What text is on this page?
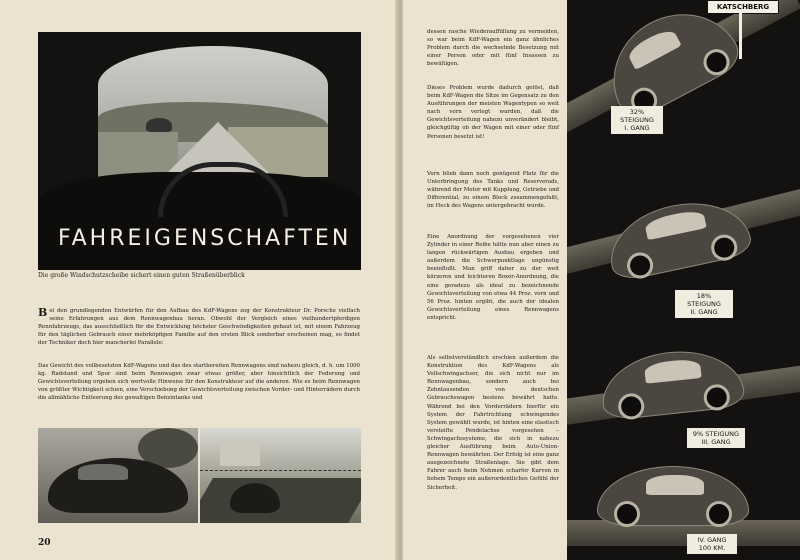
FAHREIGENSCHAFTEN
Die große Windschutzscheibe sichert einen guten Straßenüberblick

Bei den grundlegenden Entwürfen für den Aufbau des KdF-Wagens zog der Konstrukteur Dr. Porsche vielfach seine Erfahrungen aus dem Rennwagenbau heran. Obwohl der Vergleich eines vielhundertpferdigen Rennfahrzeugs, das ausschließlich für die Entwicklung höchster Geschwindigkeiten gebaut ist, mit einem Fahrzeug für den täglichen Gebrauch einer mehrköpfigen Familie auf den ersten Blick sonderbar erscheinen mag, so findet der Techniker doch hier mancherlei Parallele:

Das Gewicht des vollbesetzten KdF-Wagens und das des startbereiten Rennwagens sind nahezu gleich, d. h. um 1000 kg. Radstand und Spur sind beim Rennwagen zwar etwas größer, aber hinsichtlich der Federung und Gewichtsverteilung ergeben sich wertvolle Hinweise für den Konstrukteur auf die anderen. Wie es beim Rennwagen von größter Wichtigkeit schien, eine Verschiebung der Gewichtsverteilung zwischen Vorder- und Hinterrädern durch die allmähliche Entleerung des gewaltigen Benzintanks und

20

dessen rasche Wiederauffüllung zu vermeiden, so war beim KdF-Wagen ein ganz ähnliches Problem durch die wechselnde Besetzung mit einer Person oder mit fünf Insassen zu bewältigen.

Dieses Problem wurde dadurch gelöst, daß beim KdF-Wagen die Sitze im Gegensatz zu den Ausführungen der meisten Wagentypen so weit nach vorn verlegt wurden, daß die Gewichtsverteilung nahezu unverändert bleibt, gleichgültig ob der Wagen mit einer oder fünf Personen besetzt ist!

Vorn blieb dann noch genügend Platz für die Unterbringung des Tanks und Reserverads, während der Motor mit Kupplung, Getriebe und Differential, zu einem Block zusammengefaßt, im Heck des Wagens untergebracht wurde.

Eine Anordnung der vorgesehenen vier Zylinder in einer Reihe hätte nun aber einen zu langen rückwärtigen Ausbau ergeben und außerdem die Schwerpunktlage ungünstig beeinflußt. Man griff daher zu der weit kürzeren und leichteren Boxer-Anordnung, die eine geradezu als ideal zu bezeichnende Gewichtsverteilung von etwa 44 Proz. vorn und 56 Proz. hinten ergibt, die auch der idealen Gewichtsverteilung eines Rennwagens entspricht.

Als selbstverständlich erschien außerdem die Konstruktion des KdF-Wagens als Vollschwingachser, die sich nicht nur im Rennwagenbau, sondern auch bei Zehntausenden von deutschen Gebrauchswagen bestens bewährt hatte. Während bei den Vorderrädern hierfür ein System der Fahrtrichtung schwingendes System gewählt wurde, ist hinten eine elastisch versteifte Pendelachse vorgesehen – Schwingachssysteme, die sich in nahezu gleicher Ausführung beim Auto-Union-Rennwagen bewährten. Der Erfolg ist eine ganz ausgezeichnete Straßenlage. Sie gibt dem Fahrer auch beim Nehmen scharfer Kurven in hohem Tempo ein außerordentliches Gefühl der Sicherheit.

KATSCHBERG
32% STEIGUNG
I. GANG
18% STEIGUNG
II. GANG
9% STEIGUNG
III. GANG
IV. GANG
100 KM.
